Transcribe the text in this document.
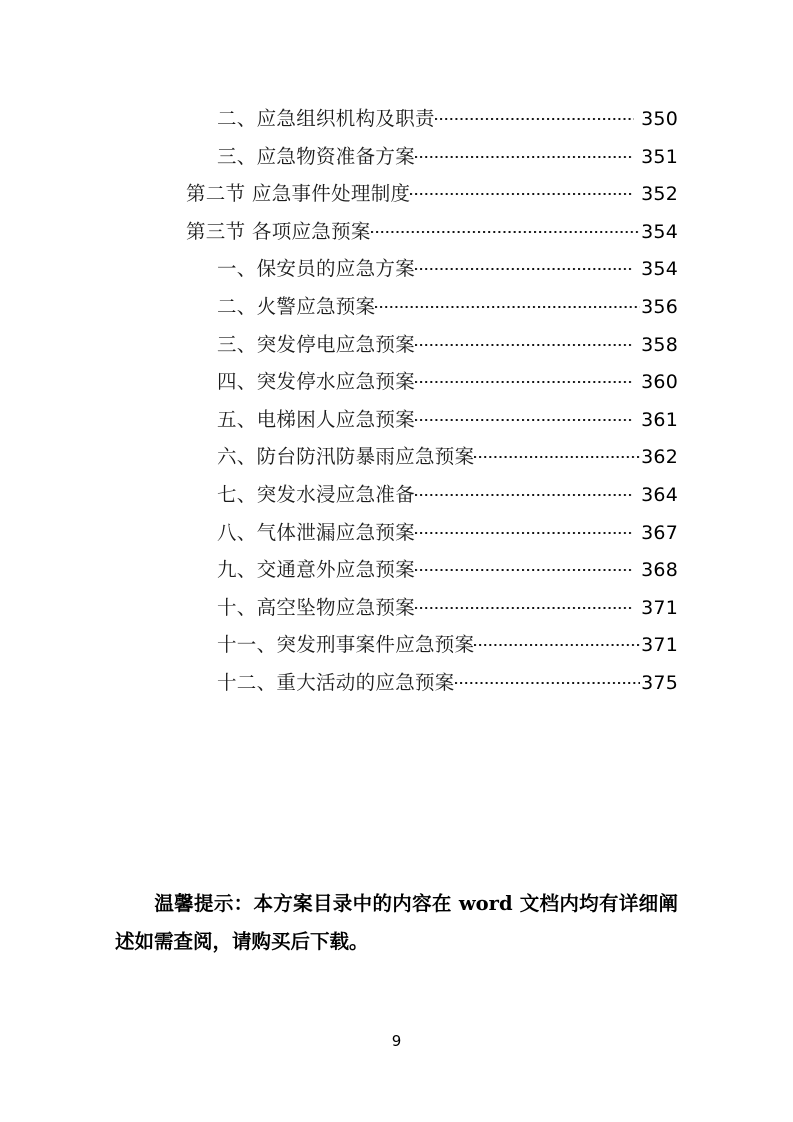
二、应急组织机构及职责	350
三、应急物资准备方案	351
第二节 应急事件处理制度	352
第三节 各项应急预案	354
一、保安员的应急方案	354
二、火警应急预案	356
三、突发停电应急预案	358
四、突发停水应急预案	360
五、电梯困人应急预案	361
六、防台防汛防暴雨应急预案	362
七、突发水浸应急准备	364
八、气体泄漏应急预案	367
九、交通意外应急预案	368
十、高空坠物应急预案	371
十一、突发刑事案件应急预案	371
十二、重大活动的应急预案	375
温馨提示：本方案目录中的内容在 word 文档内均有详细阐述如需查阅，请购买后下载。
9
